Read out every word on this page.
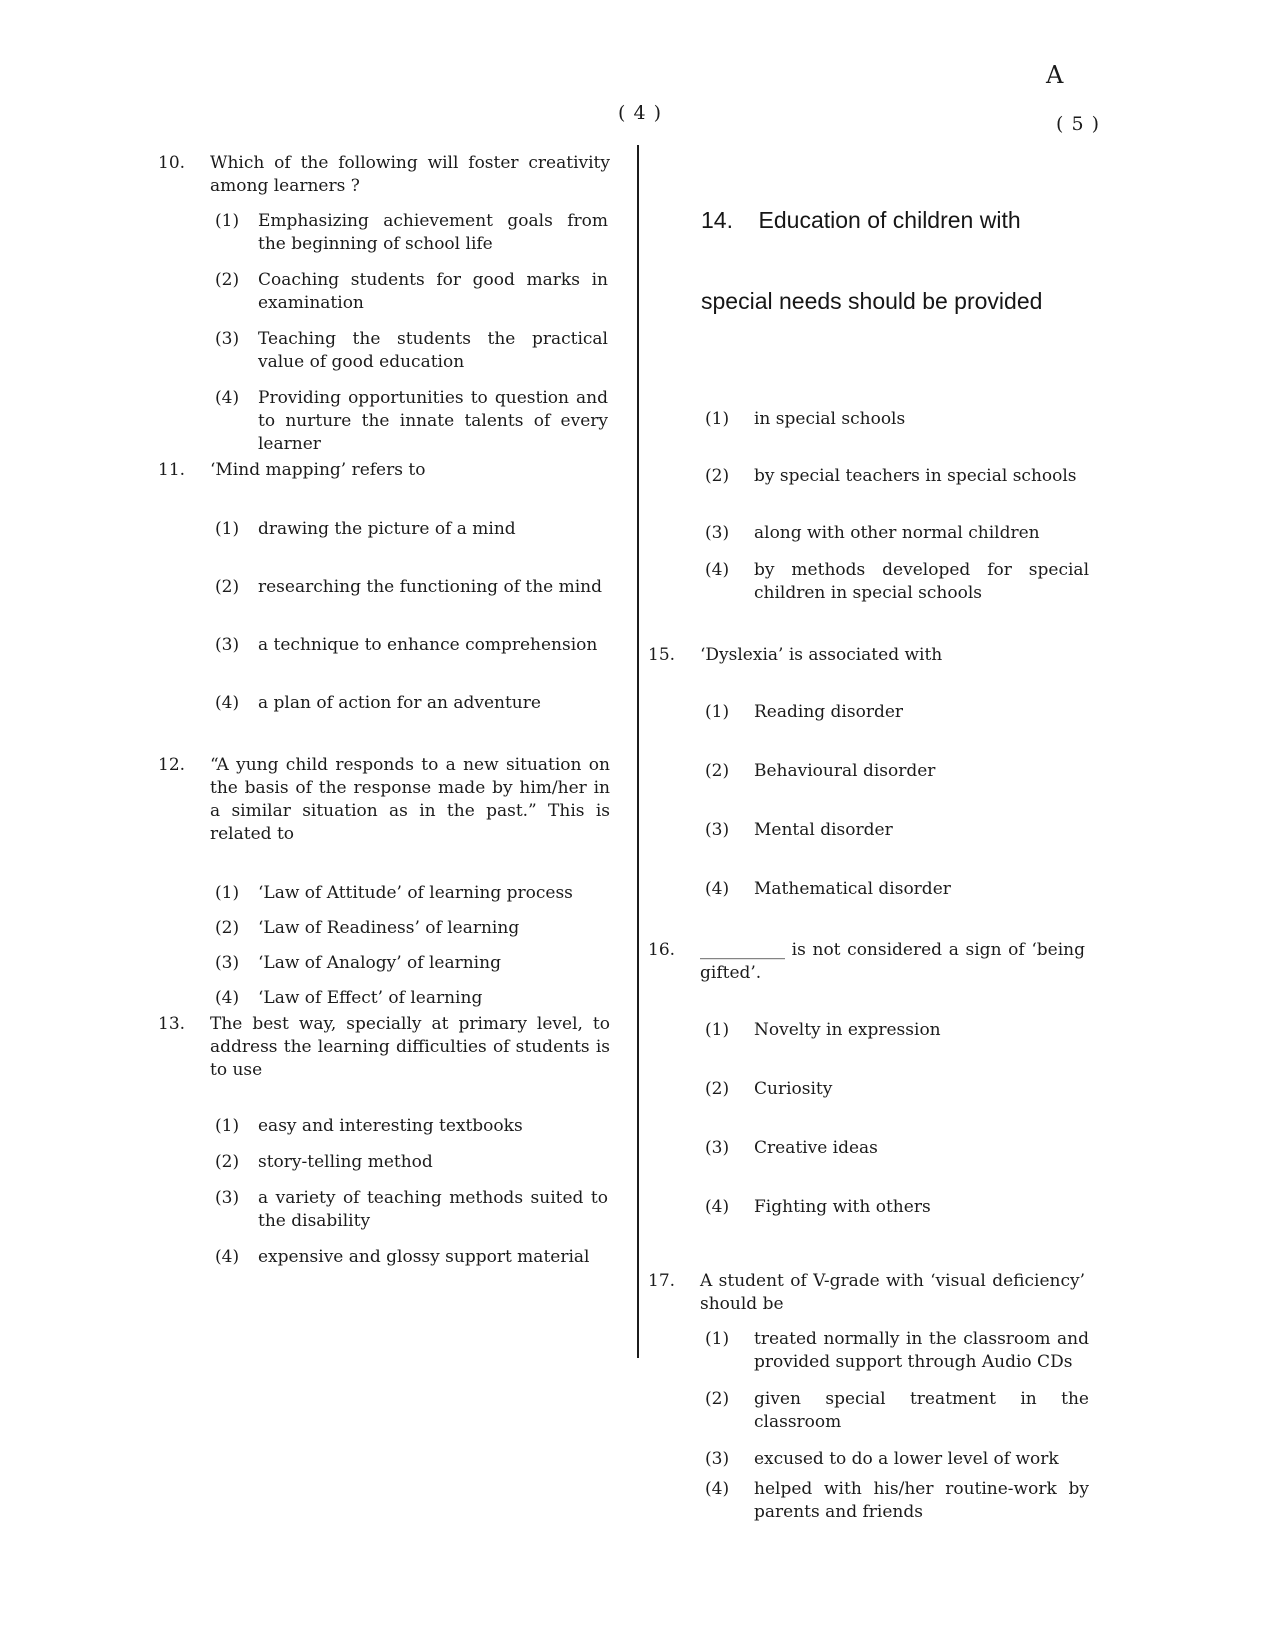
A
( 4 )	( 5 )
10.	Which of the following will foster creativity among learners ?
(1)	Emphasizing achievement goals from the beginning of school life
(2)	Coaching students for good marks in examination
(3)	Teaching the students the practical value of good education
(4)	Providing opportunities to question and to nurture the innate talents of every learner
11.	‘Mind mapping’ refers to
(1)	drawing the picture of a mind
(2)	researching the functioning of the mind
(3)	a technique to enhance comprehension
(4)	a plan of action for an adventure
12.	“A yung child responds to a new situation on the basis of the response made by him/her in a similar situation as in the past.” This is related to
(1)	‘Law of Attitude’ of learning process
(2)	‘Law of Readiness’ of learning
(3)	‘Law of Analogy’ of learning
(4)	‘Law of Effect’ of learning
13.	The best way, specially at primary level, to address the learning difficulties of students is to use
(1)	easy and interesting textbooks
(2)	story-telling method
(3)	a variety of teaching methods suited to the disability
(4)	expensive and glossy support material

14.    Education of children with

special needs should be provided

(1)	in special schools
(2)	by special teachers in special schools
(3)	along with other normal children
(4)	by methods developed for special children in special schools
15.	‘Dyslexia’ is associated with
(1)	Reading disorder
(2)	Behavioural disorder
(3)	Mental disorder
(4)	Mathematical disorder
16.	__________ is not considered a sign of ‘being gifted’.
(1)	Novelty in expression
(2)	Curiosity
(3)	Creative ideas
(4)	Fighting with others
17.	A student of V-grade with ‘visual deficiency’ should be
(1)	treated normally in the classroom and provided support through Audio CDs
(2)	given special treatment in the classroom
(3)	excused to do a lower level of work
(4)	helped with his/her routine-work by parents and friends
